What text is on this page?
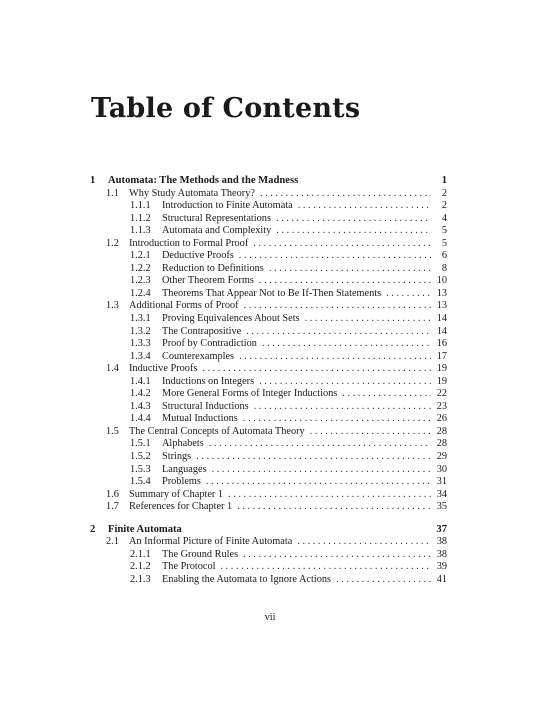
Table of Contents
1	Automata: The Methods and the Madness	1
1.1 Why Study Automata Theory? . . .	2
1.1.1	Introduction to Finite Automata . . .	2
1.1.2	Structural Representations . . .	4
1.1.3	Automata and Complexity . . .	5
1.2 Introduction to Formal Proof . . .	5
1.2.1	Deductive Proofs . . .	6
1.2.2	Reduction to Definitions . . .	8
1.2.3	Other Theorem Forms . . .	10
1.2.4	Theorems That Appear Not to Be If-Then Statements . . .	13
1.3 Additional Forms of Proof . . .	13
1.3.1	Proving Equivalences About Sets . . .	14
1.3.2	The Contrapositive . . .	14
1.3.3	Proof by Contradiction . . .	16
1.3.4	Counterexamples . . .	17
1.4 Inductive Proofs . . .	19
1.4.1	Inductions on Integers . . .	19
1.4.2	More General Forms of Integer Inductions . . .	22
1.4.3	Structural Inductions . . .	23
1.4.4	Mutual Inductions . . .	26
1.5 The Central Concepts of Automata Theory . . .	28
1.5.1	Alphabets . . .	28
1.5.2	Strings . . .	29
1.5.3	Languages . . .	30
1.5.4	Problems . . .	31
1.6 Summary of Chapter 1 . . .	34
1.7 References for Chapter 1 . . .	35
2	Finite Automata	37
2.1 An Informal Picture of Finite Automata . . .	38
2.1.1	The Ground Rules . . .	38
2.1.2	The Protocol . . .	39
2.1.3	Enabling the Automata to Ignore Actions . . .	41
vii
